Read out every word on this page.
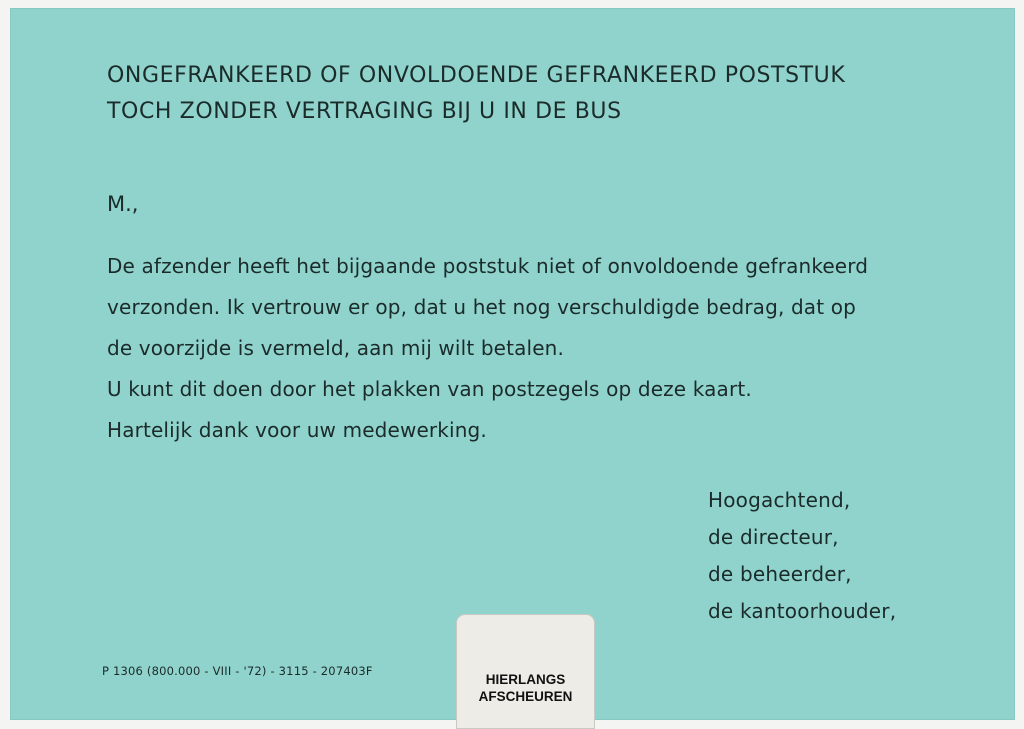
ONGEFRANKEERD OF ONVOLDOENDE GEFRANKEERD POSTSTUK
TOCH ZONDER VERTRAGING BIJ U IN DE BUS
M.,
De afzender heeft het bijgaande poststuk niet of onvoldoende gefrankeerd
verzonden. Ik vertrouw er op, dat u het nog verschuldigde bedrag, dat op
de voorzijde is vermeld, aan mij wilt betalen.
U kunt dit doen door het plakken van postzegels op deze kaart.
Hartelijk dank voor uw medewerking.
Hoogachtend,
de directeur,
de beheerder,
de kantoorhouder,
P 1306 (800.000 - VIII - '72) - 3115 - 207403F
HIERLANGS
AFSCHEUREN
